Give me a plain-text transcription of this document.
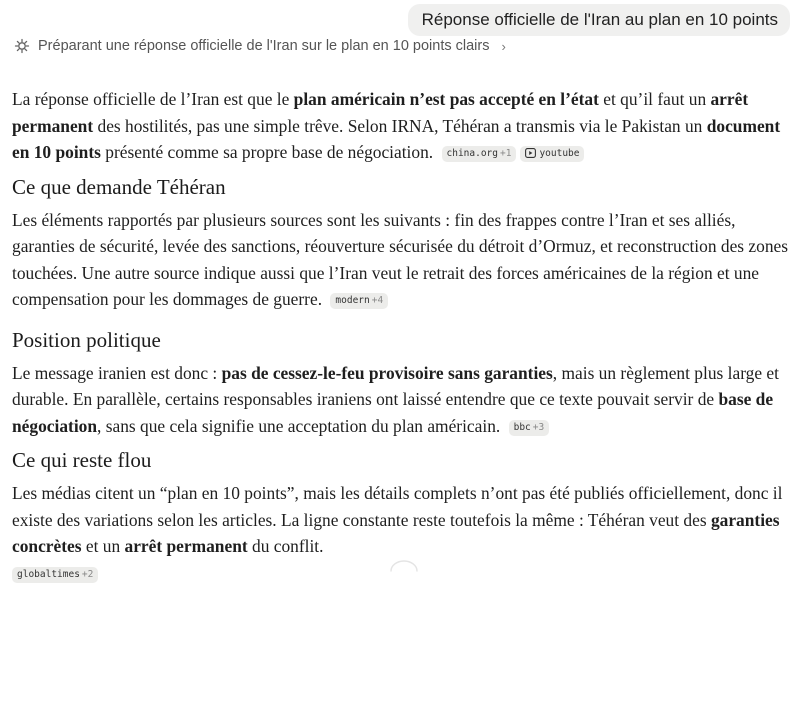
Réponse officielle de l'Iran au plan en 10 points
Préparant une réponse officielle de l'Iran sur le plan en 10 points clairs ›

La réponse officielle de l’Iran est que le plan américain n’est pas accepté en l’état et qu’il faut un arrêt permanent des hostilités, pas une simple trêve. Selon IRNA, Téhéran a transmis via le Pakistan un document en 10 points présenté comme sa propre base de négociation. china.org +1	youtube

Ce que demande Téhéran

Les éléments rapportés par plusieurs sources sont les suivants : fin des frappes contre l’Iran et ses alliés, garanties de sécurité, levée des sanctions, réouverture sécurisée du détroit d’Ormuz, et reconstruction des zones touchées. Une autre source indique aussi que l’Iran veut le retrait des forces américaines de la région et une compensation pour les dommages de guerre. modern +4

Position politique

Le message iranien est donc : pas de cessez-le-feu provisoire sans garanties, mais un règlement plus large et durable. En parallèle, certains responsables iraniens ont laissé entendre que ce texte pouvait servir de base de négociation, sans que cela signifie une acceptation du plan américain. bbc +3

Ce qui reste flou

Les médias citent un “plan en 10 points”, mais les détails complets n’ont pas été publiés officiellement, donc il existe des variations selon les articles. La ligne constante reste toutefois la même : Téhéran veut des garanties concrètes et un arrêt permanent du conflit.
globaltimes +2
